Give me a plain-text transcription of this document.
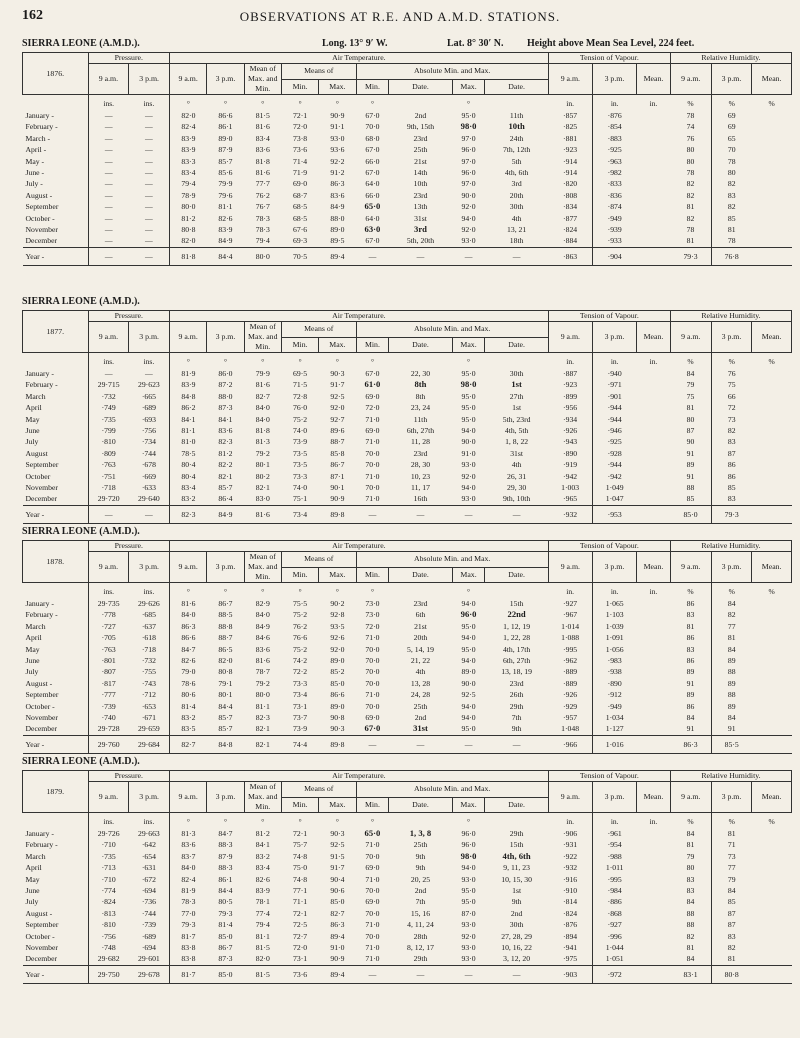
162	OBSERVATIONS AT R.E. AND A.M.D. STATIONS.
SIERRA LEONE (A.M.D.).	Long. 13° 9′ W.	Lat. 8° 30′ N. Height above Mean Sea Level, 224 feet.
1876.	Pressure.		Air Temperature.									Tension of Vapour.			Relative Humidity.		
	9 a.m.	3 p.m.	9 a.m.	3 p.m.	Mean of Max. and Min.	Means of		Absolute Min. and Max.				9 a.m.	3 p.m.	Mean.	9 a.m.	3 p.m.	Mean.
						Min.	Max.	Min.	Date.	Max.	Date.						
	ins.	ins.	°	°	°	°	°	°		°		in.	in.	in.	%	%	%
January -	—	—	82·0	86·6	81·5	72·1	90·9	67·0	2nd	95·0	11th	·857	·876		78	69	
February -	—	—	82·4	86·1	81·6	72·0	91·1	70·0	9th, 15th	98·0	10th	·825	·854		74	69	
March -	—	—	83·9	89·0	83·4	73·8	93·0	68·0	23rd	97·0	24th	·881	·883		76	65	
April -	—	—	83·9	87·9	83·6	73·6	93·6	67·0	25th	96·0	7th, 12th	·923	·925		80	70	
May -	—	—	83·3	85·7	81·8	71·4	92·2	66·0	21st	97·0	5th	·914	·963		80	78	
June -	—	—	83·4	85·6	81·6	71·9	91·2	67·0	14th	96·0	4th, 6th	·914	·982		78	80	
July -	—	—	79·4	79·9	77·7	69·0	86·3	64·0	10th	97·0	3rd	·820	·833		82	82	
August -	—	—	78·9	79·6	76·2	68·7	83·6	66·0	23rd	90·0	20th	·808	·836		82	83	
September	—	—	80·0	81·1	76·7	68·5	84·9	65·0	13th	92·0	30th	·834	·874		81	82	
October -	—	—	81·2	82·6	78·3	68·5	88·0	64·0	31st	94·0	4th	·877	·949		82	85	
November	—	—	80·8	83·9	78·3	67·6	89·0	63·0	3rd	92·0	13, 21	·824	·939		78	81	
December	—	—	82·0	84·9	79·4	69·3	89·5	67·0	5th, 20th	93·0	18th	·884	·933		81	78	
Year -	—	—	81·8	84·4	80·0	70·5	89·4	—	—	—	—	·863	·904		79·3	76·8	
SIERRA LEONE (A.M.D.).
1877.	Pressure.		Air Temperature.									Tension of Vapour.			Relative Humidity.		
	9 a.m.	3 p.m.	9 a.m.	3 p.m.	Mean of Max. and Min.	Means of		Absolute Min. and Max.				9 a.m.	3 p.m.	Mean.	9 a.m.	3 p.m.	Mean.
						Min.	Max.	Min.	Date.	Max.	Date.						
	ins.	ins.	°	°	°	°	°	°		°		in.	in.	in.	%	%	%
January -	—	—	81·9	86·0	79·9	69·5	90·3	67·0	22, 30	95·0	30th	·887	·940		84	76	
February -	29·715	29·623	83·9	87·2	81·6	71·5	91·7	61·0	8th	98·0	1st	·923	·971		79	75	
March	·732	·665	84·8	88·0	82·7	72·8	92·5	69·0	8th	95·0	27th	·899	·901		75	66	
April	·749	·689	86·2	87·3	84·0	76·0	92·0	72·0	23, 24	95·0	1st	·956	·944		81	72	
May	·735	·693	84·1	84·1	84·0	75·2	92·7	71·0	11th	95·0	5th, 23rd	·934	·944		80	73	
June	·799	·756	81·1	83·6	81·8	74·0	89·6	69·0	6th, 27th	94·0	4th, 5th	·926	·946		87	82	
July	·810	·734	81·0	82·3	81·3	73·9	88·7	71·0	11, 28	90·0	1, 8, 22	·943	·925		90	83	
August	·809	·744	78·5	81·2	79·2	73·5	85·8	70·0	23rd	91·0	31st	·890	·928		91	87	
September	·763	·678	80·4	82·2	80·1	73·5	86·7	70·0	28, 30	93·0	4th	·919	·944		89	86	
October	·751	·669	80·4	82·1	80·2	73·3	87·1	71·0	10, 23	92·0	26, 31	·942	·942		91	86	
November	·718	·633	83·4	85·7	82·1	74·0	90·1	70·0	11, 17	94·0	29, 30	1·003	1·049		88	85	
December	29·720	29·640	83·2	86·4	83·0	75·1	90·9	71·0	16th	93·0	9th, 10th	·965	1·047		85	83	
Year -	—	—	82·3	84·9	81·6	73·4	89·8	—	—	—	—	·932	·953		85·0	79·3	
SIERRA LEONE (A.M.D.).
1878.	Pressure.		Air Temperature.									Tension of Vapour.			Relative Humidity.		
	9 a.m.	3 p.m.	9 a.m.	3 p.m.	Mean of Max. and Min.	Means of		Absolute Min. and Max.				9 a.m.	3 p.m.	Mean.	9 a.m.	3 p.m.	Mean.
						Min.	Max.	Min.	Date.	Max.	Date.						
	ins.	ins.	°	°	°	°	°	°		°		in.	in.	in.	%	%	%
January -	29·735	29·626	81·6	86·7	82·9	75·5	90·2	73·0	23rd	94·0	15th	·927	1·065		86	84	
February -	·778	·685	84·0	88·5	84·0	75·2	92·8	73·0	6th	96·0	22nd	·967	1·103		83	82	
March	·727	·637	86·3	88·8	84·9	76·2	93·5	72·0	21st	95·0	1, 12, 19	1·014	1·039		81	77	
April	·705	·618	86·6	88·7	84·6	76·6	92·6	71·0	20th	94·0	1, 22, 28	1·088	1·091		86	81	
May	·763	·718	84·7	86·5	83·6	75·2	92·0	70·0	5, 14, 19	95·0	4th, 17th	·995	1·056		83	84	
June	·801	·732	82·6	82·0	81·6	74·2	89·0	70·0	21, 22	94·0	6th, 27th	·962	·983		86	89	
July	·807	·755	79·0	80·8	78·7	72·2	85·2	70·0	4th	89·0	13, 18, 19	·889	·938		89	88	
August -	·817	·743	78·6	79·1	79·2	73·3	85·0	70·0	13, 28	90·0	23rd	·889	·890		91	89	
September	·777	·712	80·6	80·1	80·0	73·4	86·6	71·0	24, 28	92·5	26th	·926	·912		89	88	
October -	·739	·653	81·4	84·4	81·1	73·1	89·0	70·0	25th	94·0	29th	·929	·949		86	89	
November	·740	·671	83·2	85·7	82·3	73·7	90·8	69·0	2nd	94·0	7th	·957	1·034		84	84	
December	29·728	29·659	83·5	85·7	82·1	73·9	90·3	67·0	31st	95·0	9th	1·048	1·127		91	91	
Year -	29·760	29·684	82·7	84·8	82·1	74·4	89·8	—	—	—	—	·966	1·016		86·3	85·5	
SIERRA LEONE (A.M.D.).
1879.	Pressure.		Air Temperature.									Tension of Vapour.			Relative Humidity.		
	9 a.m.	3 p.m.	9 a.m.	3 p.m.	Mean of Max. and Min.	Means of		Absolute Min. and Max.				9 a.m.	3 p.m.	Mean.	9 a.m.	3 p.m.	Mean.
						Min.	Max.	Min.	Date.	Max.	Date.						
	ins.	ins.	°	°	°	°	°	°		°		in.	in.	in.	%	%	%
January -	29·726	29·663	81·3	84·7	81·2	72·1	90·3	65·0	1, 3, 8	96·0	29th	·906	·961		84	81	
February -	·710	·642	83·6	88·3	84·1	75·7	92·5	71·0	25th	96·0	15th	·931	·954		81	71	
March	·735	·654	83·7	87·9	83·2	74·8	91·5	70·0	9th	98·0	4th, 6th	·922	·988		79	73	
April	·713	·631	84·0	88·3	83·4	75·0	91·7	69·0	9th	94·0	9, 11, 23	·932	1·011		80	77	
May	·710	·672	82·4	86·1	82·6	74·8	90·4	71·0	20, 25	93·0	10, 15, 30	·916	·995		83	79	
June	·774	·694	81·9	84·4	83·9	77·1	90·6	70·0	2nd	95·0	1st	·910	·984		83	84	
July	·824	·736	78·3	80·5	78·1	71·1	85·0	69·0	7th	95·0	9th	·814	·886		84	85	
August -	·813	·744	77·0	79·3	77·4	72·1	82·7	70·0	15, 16	87·0	2nd	·824	·868		88	87	
September	·810	·739	79·3	81·4	79·4	72·5	86·3	71·0	4, 11, 24	93·0	30th	·876	·927		88	87	
October -	·756	·689	81·7	85·0	81·1	72·7	89·4	70·0	28th	92·0	27, 28, 29	·894	·996		82	83	
November	·748	·694	83·8	86·7	81·5	72·0	91·0	71·0	8, 12, 17	93·0	10, 16, 22	·941	1·044		81	82	
December	29·682	29·601	83·8	87·3	82·0	73·1	90·9	71·0	29th	93·0	3, 12, 20	·975	1·051		84	81	
Year -	29·750	29·678	81·7	85·0	81·5	73·6	89·4	—	—	—	—	·903	·972		83·1	80·8	
